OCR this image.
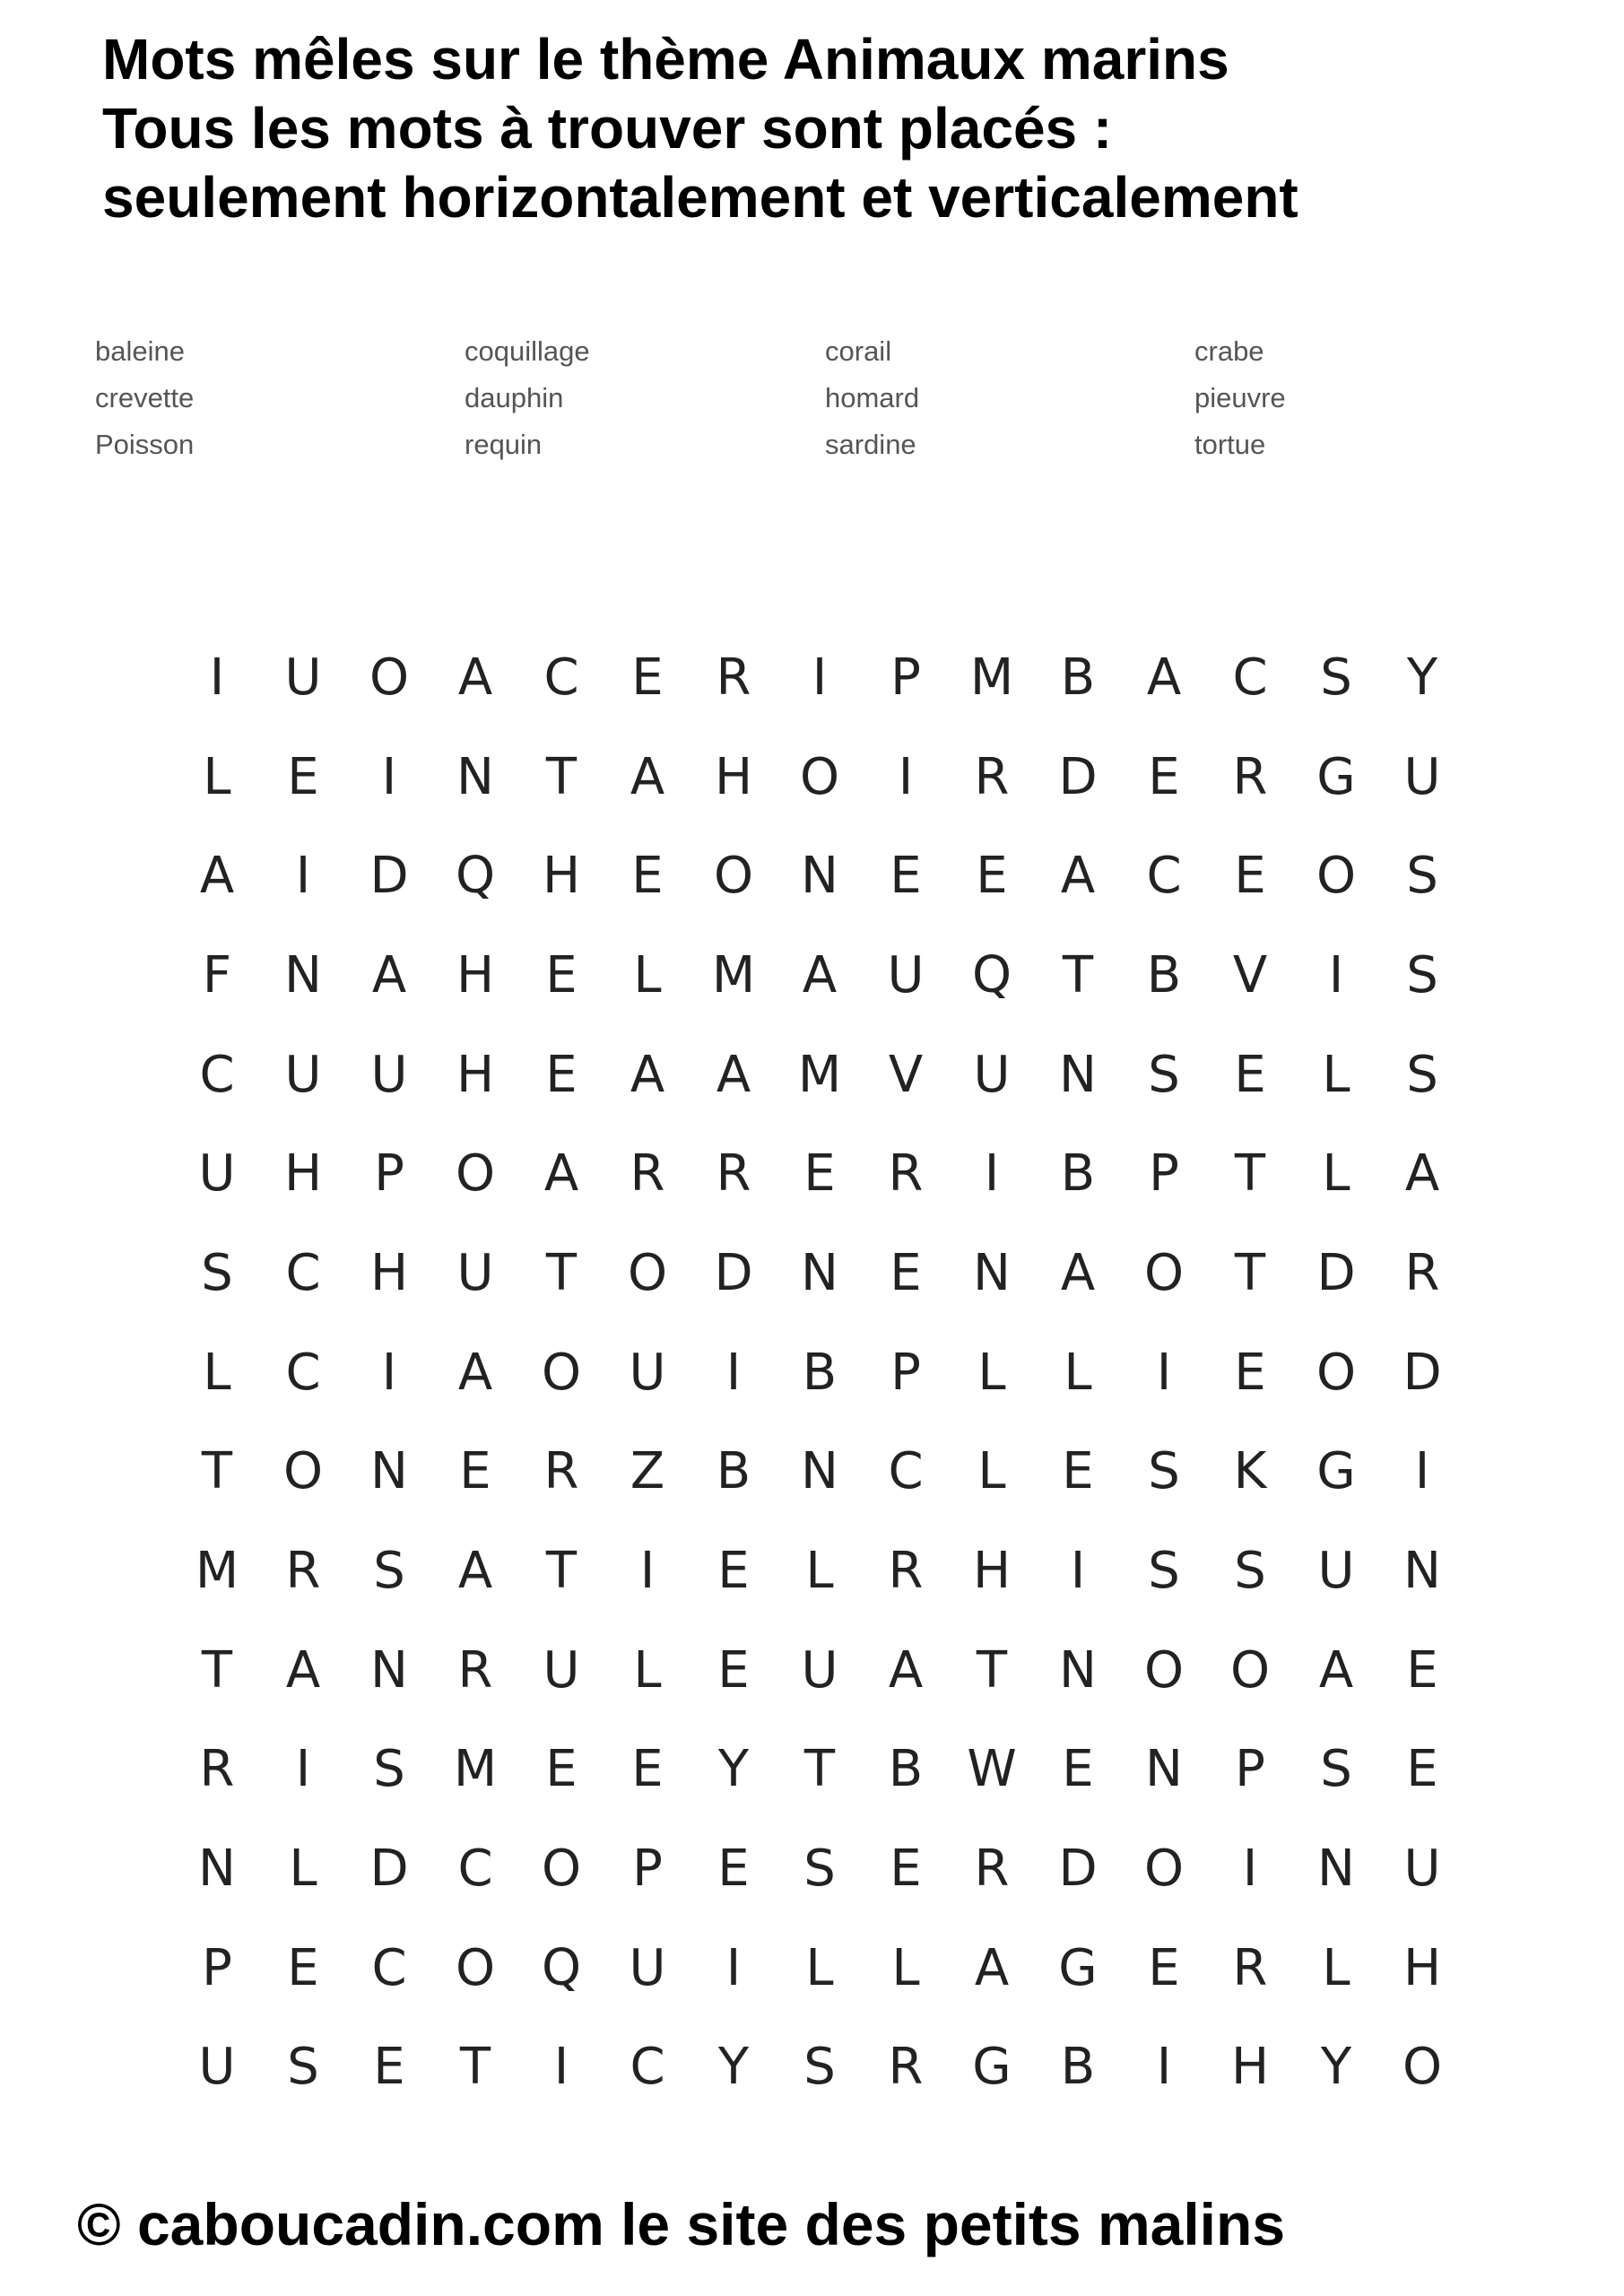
Mots mêles sur le thème Animaux marins
Tous les mots à trouver sont placés :
seulement horizontalement et verticalement
baleine
crevette
Poisson
coquillage
dauphin
requin
corail
homard
sardine
crabe
pieuvre
tortue
I	U O A	C	E	R	I	P M B	A	C	S	Y
L	E	I	N	T	A H O	I	R D	E	R G U
A	I	D Q H	E	O N	E	E	A	C	E	O	S
F	N A H	E	L	M A	U Q	T	B	V	I	S
C U U H	E	A	A M V	U N	S	E	L	S
U H	P	O A	R	R	E	R	I	B	P	T	L	A
S	C H U	T	O D N	E	N A O	T	D R
L	C	I	A O U	I	B	P	L	L	I	E	O D
T	O N	E	R	Z	B N C	L	E	S	K G	I
M R	S	A	T	I	E	L	R H	I	S	S	U N
T	A N R	U	L	E	U	A	T	N O O A	E
R	I	S M E	E	Y	T	B W E	N	P	S	E
N	L	D C O	P	E	S	E	R D O	I	N U
P	E	C O Q U	I	L	L	A G	E	R	L	H
U	S	E	T	I	C	Y	S	R G B	I	H	Y	O
© caboucadin.com le site des petits malins
